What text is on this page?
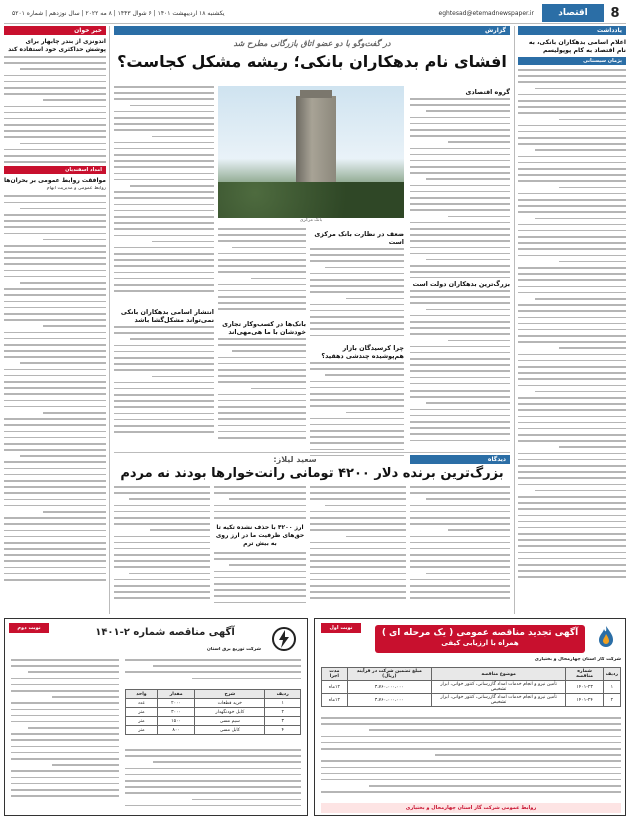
8
اقتصاد
eghtesad@etemadnewspaper.ir
یکشنبه ۱۸ اردیبهشت ۱۴۰۱ | ۶ شوال ۱۴۴۳ | ۸ مه ۲۰۲۲ | سال نوزدهم | شماره ۵۲۰۱
یادداشت
اعلام اسامی بدهکاران بانکی، به نام اقتصاد به کام پوپولیسم
پژمان سیستانی
گزارش
در گفت‌وگو با دو عضو اتاق بازرگانی مطرح شد
افشای نام بدهکاران بانکی؛ ریشه مشکل کجاست؟
گروه اقتصادی
بزرگ‌ترین بدهکاران دولت است
بانک مرکزی
ضعف در نظارت بانک مرکزی است
چرا کرسیدگان بازار هم‌پوشیده چندشی دهقید؟
بانک‌ها در کسب‌وکار تجاری خودشان با ما هی‌مهی‌اند
انتشار اسامی بدهکاران بانکی نمی‌تواند مشکل‌گشا باشد
خبر خوان
اندونزی از بندر چابهار برای پوشش حداکثری خود استفاده کند
امداد اسفندیان
موافقت روابط عمومی بر بحران‌ها
روابط عمومی و مدیریت ابهام
دیدگاه
سعید لیلاز:
بزرگ‌ترین برنده دلار ۴۲۰۰ تومانی رانت‌خوارها بودند نه مردم
ارز ۴۲۰۰ با حذف نشده تکیه تا حق‌های ظرفیت ما در ارز روی به بیش ترم
نوبت دوم	آگهی مناقصه شماره ۲-۱۴۰۱
شرکت توزیع برق استان
ردیف	شرح	مقدار	واحد
۱	خرید قطعات	۲۰۰۰	عدد
۲	کابل خودنگهدار	۳۰۰۰	متر
۳	سیم مسی	۱۵۰۰	متر
۴	کابل مسی	۸۰۰	متر
نوبت اول	آگهی تجدید مناقصه عمومی ( یک مرحله ای )
همراه با ارزیابی کیفی
شرکت گاز استان چهارمحال و بختیاری
ردیف	شماره مناقصه	موضوع مناقصه	مبلغ تضمین شرکت در فرآیند (ریال)	مدت اجرا
۱	۱۴۰۱-۲۳	تأمین نیرو و انجام خدمات امداد گازرسانی، کنتور خوانی، ابزار تشخیص	۳،۷۶۰،۰۰۰،۰۰۰	۱۲ماه
۲	۱۴۰۱-۲۴	تأمین نیرو و انجام خدمات امداد گازرسانی، کنتور خوانی، ابزار تشخیص	۳،۷۶۰،۰۰۰،۰۰۰	۱۲ماه
روابط عمومی شرکت گاز استان چهارمحال و بختیاری
